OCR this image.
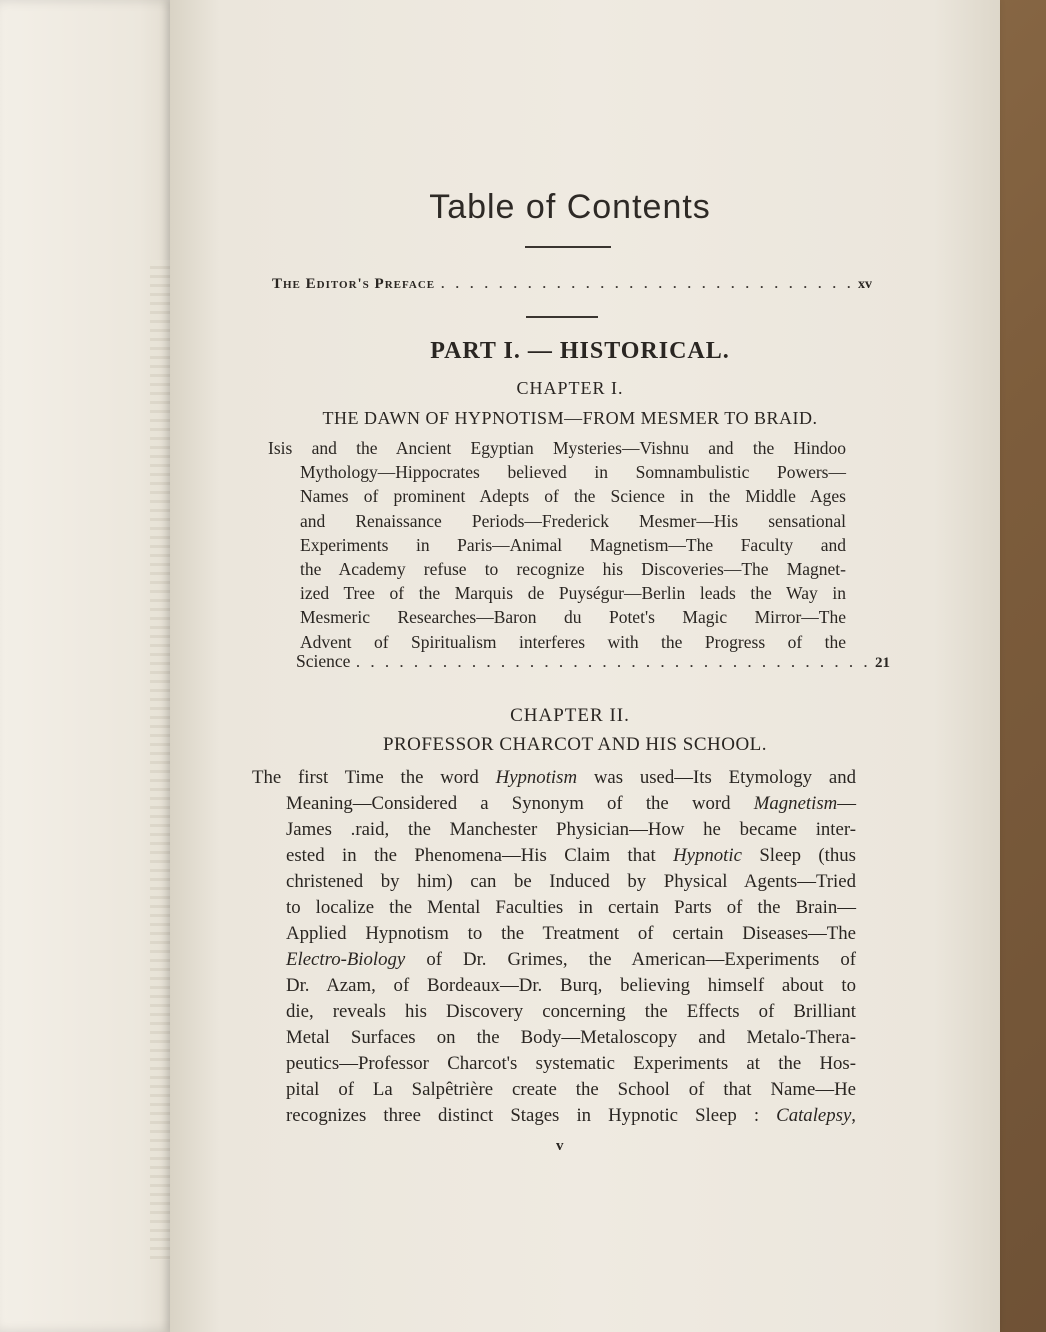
Table of Contents
The Editor's Preface . . .	xv
PART I. — HISTORICAL.
CHAPTER I.
THE DAWN OF HYPNOTISM—FROM MESMER TO BRAID.
Isis and the Ancient Egyptian Mysteries—Vishnu and the Hindoo
Mythology—Hippocrates believed in Somnambulistic Powers—
Names of prominent Adepts of the Science in the Middle Ages
and Renaissance Periods—Frederick Mesmer—His sensational
Experiments in Paris—Animal Magnetism—The Faculty and
the Academy refuse to recognize his Discoveries—The Magnet-
ized Tree of the Marquis de Puységur—Berlin leads the Way in
Mesmeric Researches—Baron du Potet's Magic Mirror—The
Advent of Spiritualism interferes with the Progress of the
Science . . .	21
CHAPTER II.
PROFESSOR CHARCOT AND HIS SCHOOL.
The first Time the word Hypnotism was used—Its Etymology and
Meaning—Considered a Synonym of the word Magnetism—
James .raid, the Manchester Physician—How he became inter-
ested in the Phenomena—His Claim that Hypnotic Sleep (thus
christened by him) can be Induced by Physical Agents—Tried
to localize the Mental Faculties in certain Parts of the Brain—
Applied Hypnotism to the Treatment of certain Diseases—The
Electro-Biology of Dr. Grimes, the American—Experiments of
Dr. Azam, of Bordeaux—Dr. Burq, believing himself about to
die, reveals his Discovery concerning the Effects of Brilliant
Metal Surfaces on the Body—Metaloscopy and Metalo-Thera-
peutics—Professor Charcot's systematic Experiments at the Hos-
pital of La Salpêtrière create the School of that Name—He
recognizes three distinct Stages in Hypnotic Sleep : Catalepsy,
v
